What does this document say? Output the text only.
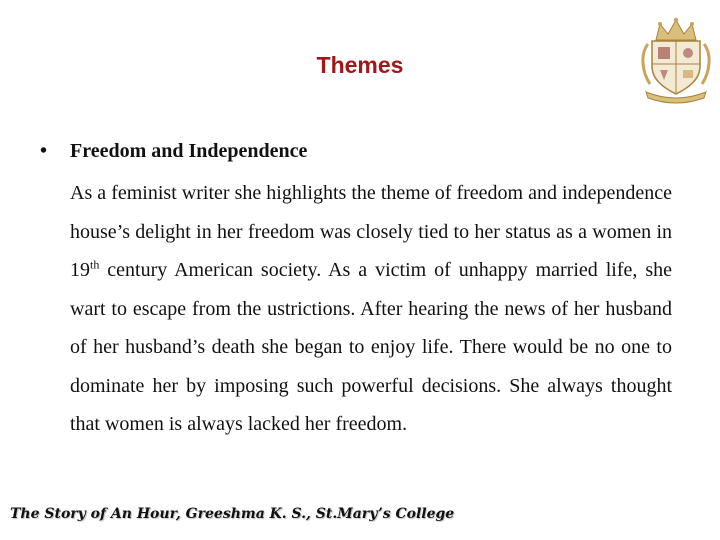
Themes
•	Freedom and Independence

As a feminist writer she highlights the theme of freedom and independence house’s delight in her freedom was closely tied to her status as a women in 19th century American society. As a victim of unhappy married life, she wart to escape from the ustrictions. After hearing the news of her husband of her husband’s death she began to enjoy life. There would be no one to dominate her by imposing such powerful decisions. She always thought that women is always lacked her freedom.

The Story of An Hour, Greeshma K. S., St.Mary’s College
